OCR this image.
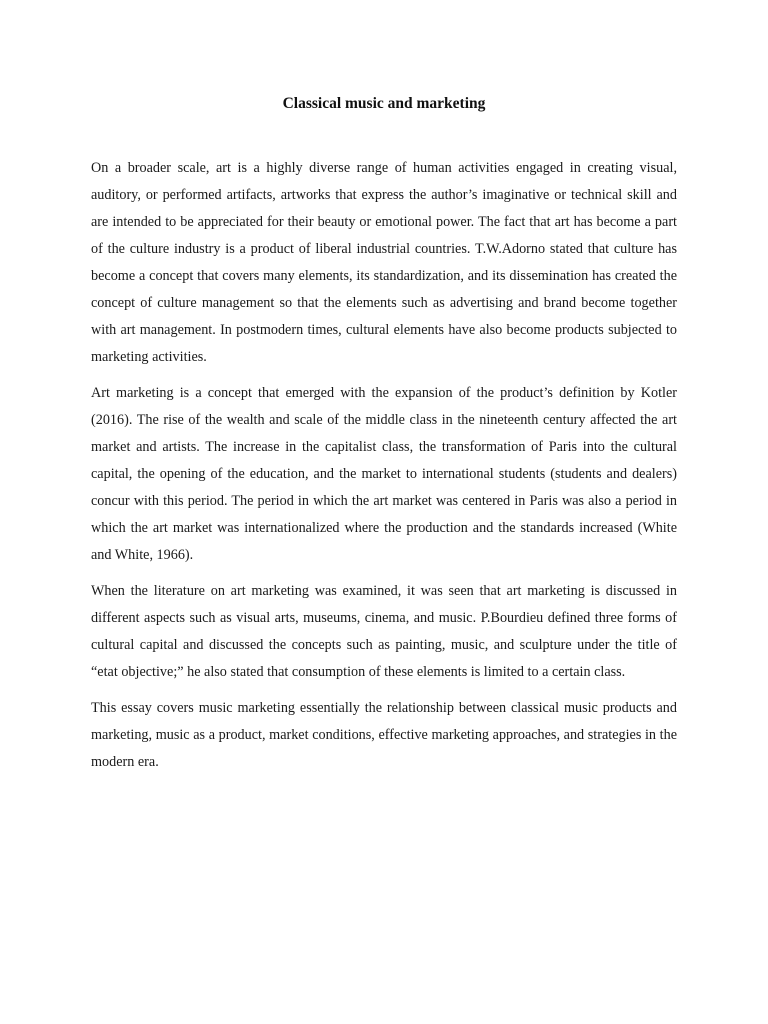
Classical music and marketing

On a broader scale, art is a highly diverse range of human activities engaged in creating visual, auditory, or performed artifacts, artworks that express the author’s imaginative or technical skill and are intended to be appreciated for their beauty or emotional power. The fact that art has become a part of the culture industry is a product of liberal industrial countries. T.W.Adorno stated that culture has become a concept that covers many elements, its standardization, and its dissemination has created the concept of culture management so that the elements such as advertising and brand become together with art management. In postmodern times, cultural elements have also become products subjected to marketing activities.

Art marketing is a concept that emerged with the expansion of the product’s definition by Kotler (2016). The rise of the wealth and scale of the middle class in the nineteenth century affected the art market and artists. The increase in the capitalist class, the transformation of Paris into the cultural capital, the opening of the education, and the market to international students (students and dealers) concur with this period. The period in which the art market was centered in Paris was also a period in which the art market was internationalized where the production and the standards increased (White and White, 1966).

When the literature on art marketing was examined, it was seen that art marketing is discussed in different aspects such as visual arts, museums, cinema, and music. P.Bourdieu defined three forms of cultural capital and discussed the concepts such as painting, music, and sculpture under the title of “etat objective;” he also stated that consumption of these elements is limited to a certain class.

This essay covers music marketing essentially the relationship between classical music products and marketing, music as a product, market conditions, effective marketing approaches, and strategies in the modern era.
